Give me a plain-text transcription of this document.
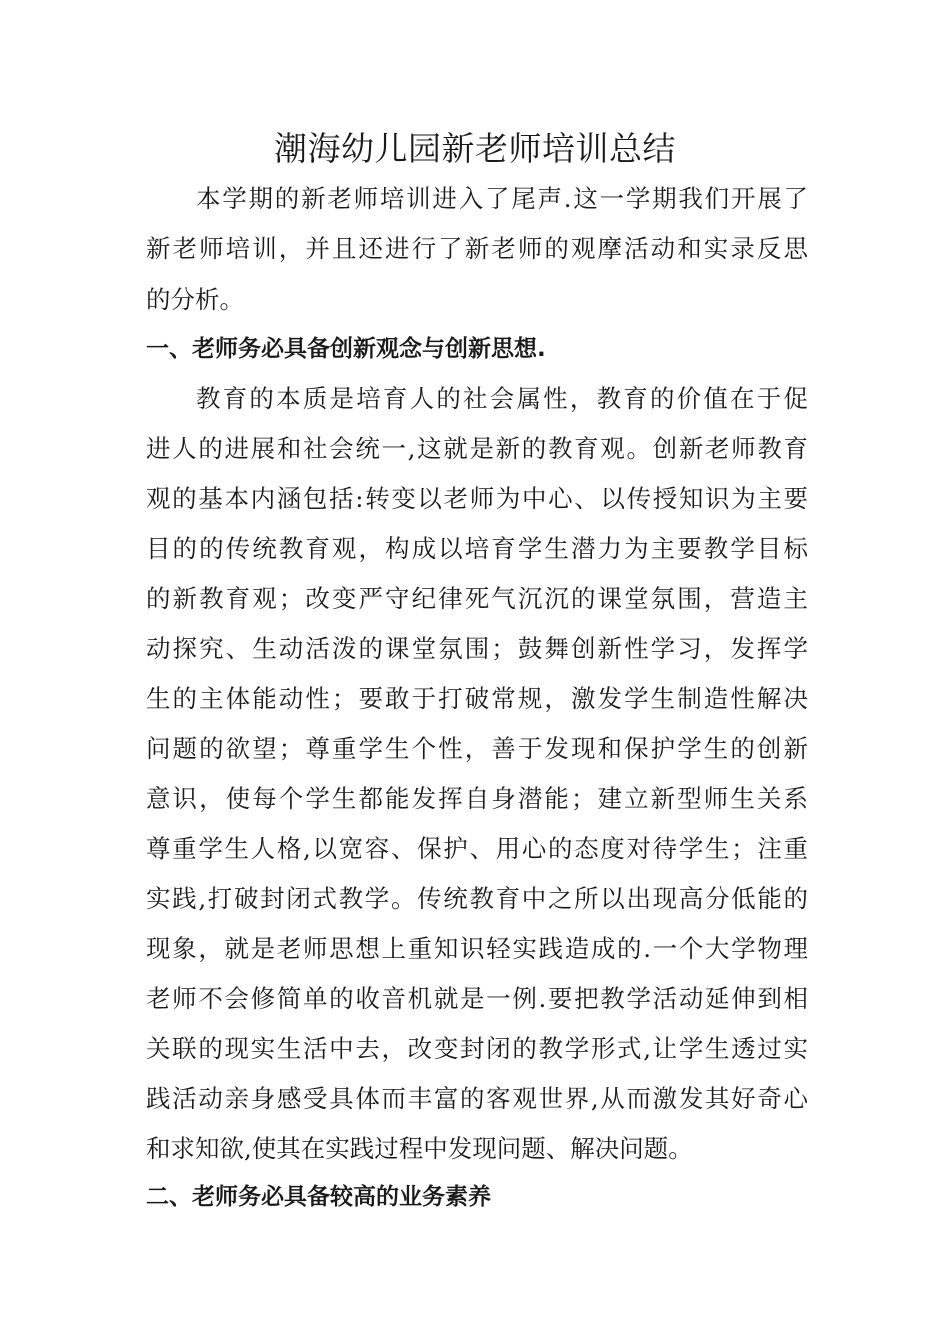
潮海幼儿园新老师培训总结

本学期的新老师培训进入了尾声.这一学期我们开展了

新老师培训，并且还进行了新老师的观摩活动和实录反思

的分析。

一、老师务必具备创新观念与创新思想.

教育的本质是培育人的社会属性，教育的价值在于促

进人的进展和社会统一,这就是新的教育观。创新老师教育

观的基本内涵包括:转变以老师为中心、以传授知识为主要

目的的传统教育观，构成以培育学生潜力为主要教学目标

的新教育观；改变严守纪律死气沉沉的课堂氛围，营造主

动探究、生动活泼的课堂氛围；鼓舞创新性学习，发挥学

生的主体能动性；要敢于打破常规，激发学生制造性解决

问题的欲望；尊重学生个性，善于发现和保护学生的创新

意识，使每个学生都能发挥自身潜能；建立新型师生关系

尊重学生人格,以宽容、保护、用心的态度对待学生；注重

实践,打破封闭式教学。传统教育中之所以出现高分低能的

现象，就是老师思想上重知识轻实践造成的.一个大学物理

老师不会修简单的收音机就是一例.要把教学活动延伸到相

关联的现实生活中去，改变封闭的教学形式,让学生透过实

践活动亲身感受具体而丰富的客观世界,从而激发其好奇心

和求知欲,使其在实践过程中发现问题、解决问题。

二、老师务必具备较高的业务素养
